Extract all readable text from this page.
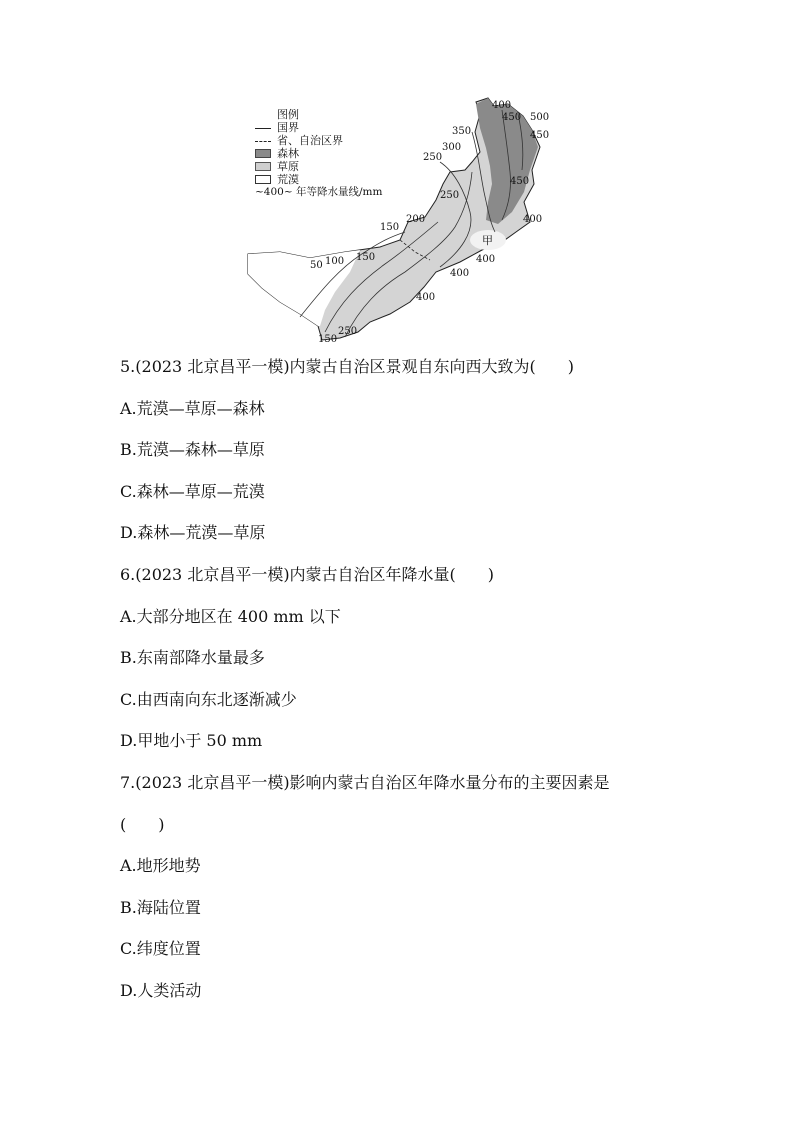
400
450 500
450
350
300
250
450
250
200
150
400
150
100
50
400
400
400
150
250
甲
图例
国界
省、自治区界
森林
草原
荒漠
~400~ 年等降水量线/mm
5.(2023 北京昌平一模)内蒙古自治区景观自东向西大致为(　　)
A.荒漠—草原—森林
B.荒漠—森林—草原
C.森林—草原—荒漠
D.森林—荒漠—草原
6.(2023 北京昌平一模)内蒙古自治区年降水量(　　)
A.大部分地区在 400 mm 以下
B.东南部降水量最多
C.由西南向东北逐渐减少
D.甲地小于 50 mm
7.(2023 北京昌平一模)影响内蒙古自治区年降水量分布的主要因素是
(　　)
A.地形地势
B.海陆位置
C.纬度位置
D.人类活动
